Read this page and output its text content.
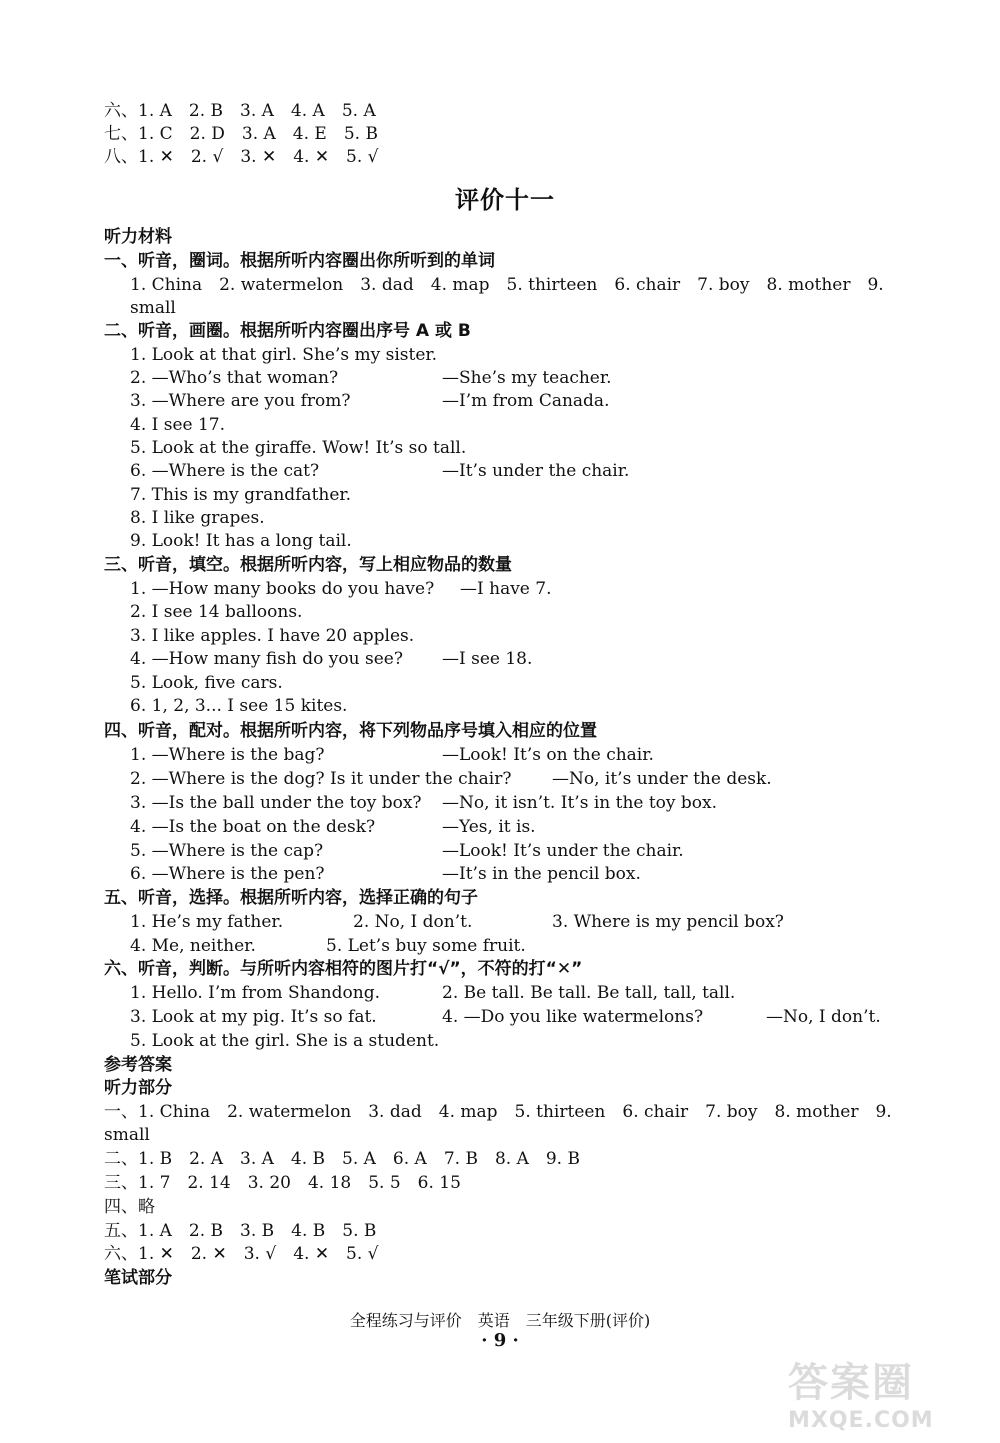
六、1. A　2. B　3. A　4. A　5. A
七、1. C　2. D　3. A　4. E　5. B
八、1. ✕　2. √　3. ✕　4. ✕　5. √
评价十一
听力材料
一、听音，圈词。根据所听内容圈出你所听到的单词
1. China　2. watermelon　3. dad　4. map　5. thirteen　6. chair　7. boy　8. mother　9.
small
二、听音，画圈。根据所听内容圈出序号 A 或 B
1. Look at that girl. She’s my sister.
2. —Who’s that woman?	—She’s my teacher.
3. —Where are you from?	—I’m from Canada.
4. I see 17.
5. Look at the giraffe. Wow! It’s so tall.
6. —Where is the cat?	—It’s under the chair.
7. This is my grandfather.
8. I like grapes.
9. Look! It has a long tail.
三、听音，填空。根据所听内容，写上相应物品的数量
1. —How many books do you have? —I have 7.
2. I see 14 balloons.
3. I like apples. I have 20 apples.
4. —How many fish do you see? —I see 18.
5. Look, five cars.
6. 1, 2, 3... I see 15 kites.
四、听音，配对。根据所听内容，将下列物品序号填入相应的位置
1. —Where is the bag?	—Look! It’s on the chair.
2. —Where is the dog? Is it under the chair? —No, it’s under the desk.
3. —Is the ball under the toy box? —No, it isn’t. It’s in the toy box.
4. —Is the boat on the desk?	—Yes, it is.
5. —Where is the cap?	—Look! It’s under the chair.
6. —Where is the pen?	—It’s in the pencil box.
五、听音，选择。根据所听内容，选择正确的句子
1. He’s my father.	2. No, I don’t.	3. Where is my pencil box?
4. Me, neither.	5. Let’s buy some fruit.
六、听音，判断。与所听内容相符的图片打“√”，不符的打“✕”
1. Hello. I’m from Shandong.	2. Be tall. Be tall. Be tall, tall, tall.
3. Look at my pig. It’s so fat.	4. —Do you like watermelons?	—No, I don’t.
5. Look at the girl. She is a student.
参考答案
听力部分
一、1. China　2. watermelon　3. dad　4. map　5. thirteen　6. chair　7. boy　8. mother　9.
small
二、1. B　2. A　3. A　4. B　5. A　6. A　7. B　8. A　9. B
三、1. 7　2. 14　3. 20　4. 18　5. 5　6. 15
四、略
五、1. A　2. B　3. B　4. B　5. B
六、1. ✕　2. ✕　3. √　4. ✕　5. √
笔试部分
全程练习与评价　英语　三年级下册(评价)
· 9 ·
答案圈
MXQE.COM
